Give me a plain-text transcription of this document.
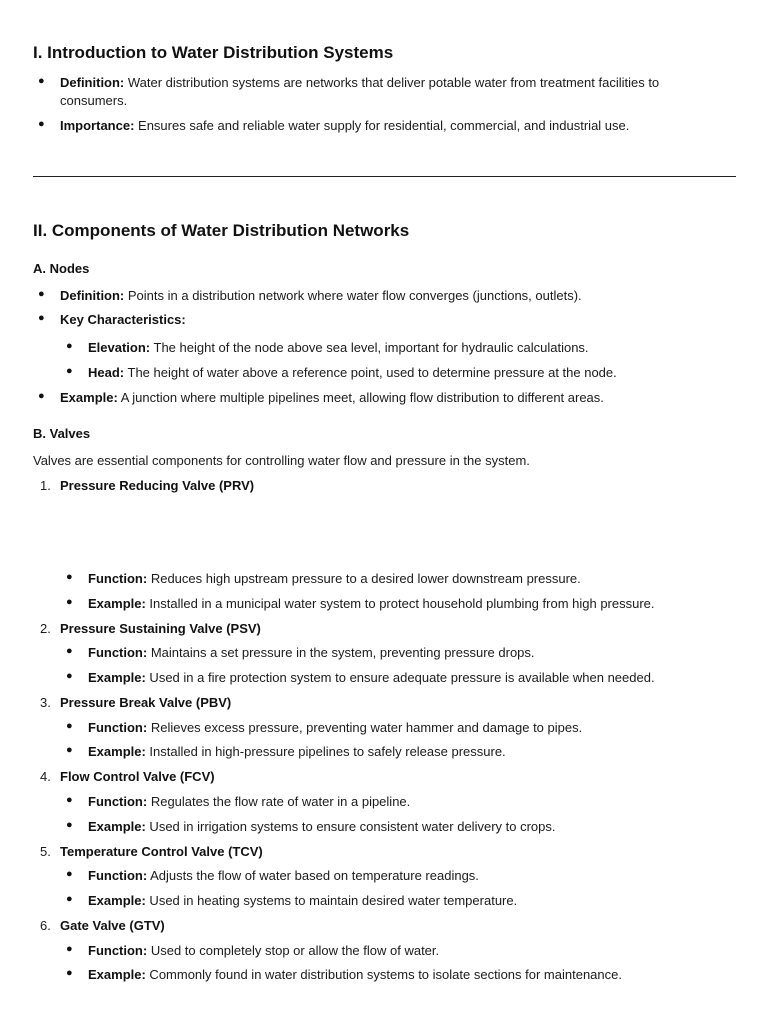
I. Introduction to Water Distribution Systems
● Definition: Water distribution systems are networks that deliver potable water from treatment facilities to consumers.
● Importance: Ensures safe and reliable water supply for residential, commercial, and industrial use.
II. Components of Water Distribution Networks
A. Nodes
● Definition: Points in a distribution network where water flow converges (junctions, outlets).
● Key Characteristics:
● Elevation: The height of the node above sea level, important for hydraulic calculations.
● Head: The height of water above a reference point, used to determine pressure at the node.
● Example: A junction where multiple pipelines meet, allowing flow distribution to different areas.
B. Valves
Valves are essential components for controlling water flow and pressure in the system.
1. Pressure Reducing Valve (PRV)
● Function: Reduces high upstream pressure to a desired lower downstream pressure.
● Example: Installed in a municipal water system to protect household plumbing from high pressure.
2. Pressure Sustaining Valve (PSV)
● Function: Maintains a set pressure in the system, preventing pressure drops.
● Example: Used in a fire protection system to ensure adequate pressure is available when needed.
3. Pressure Break Valve (PBV)
● Function: Relieves excess pressure, preventing water hammer and damage to pipes.
● Example: Installed in high-pressure pipelines to safely release pressure.
4. Flow Control Valve (FCV)
● Function: Regulates the flow rate of water in a pipeline.
● Example: Used in irrigation systems to ensure consistent water delivery to crops.
5. Temperature Control Valve (TCV)
● Function: Adjusts the flow of water based on temperature readings.
● Example: Used in heating systems to maintain desired water temperature.
6. Gate Valve (GTV)
● Function: Used to completely stop or allow the flow of water.
● Example: Commonly found in water distribution systems to isolate sections for maintenance.
